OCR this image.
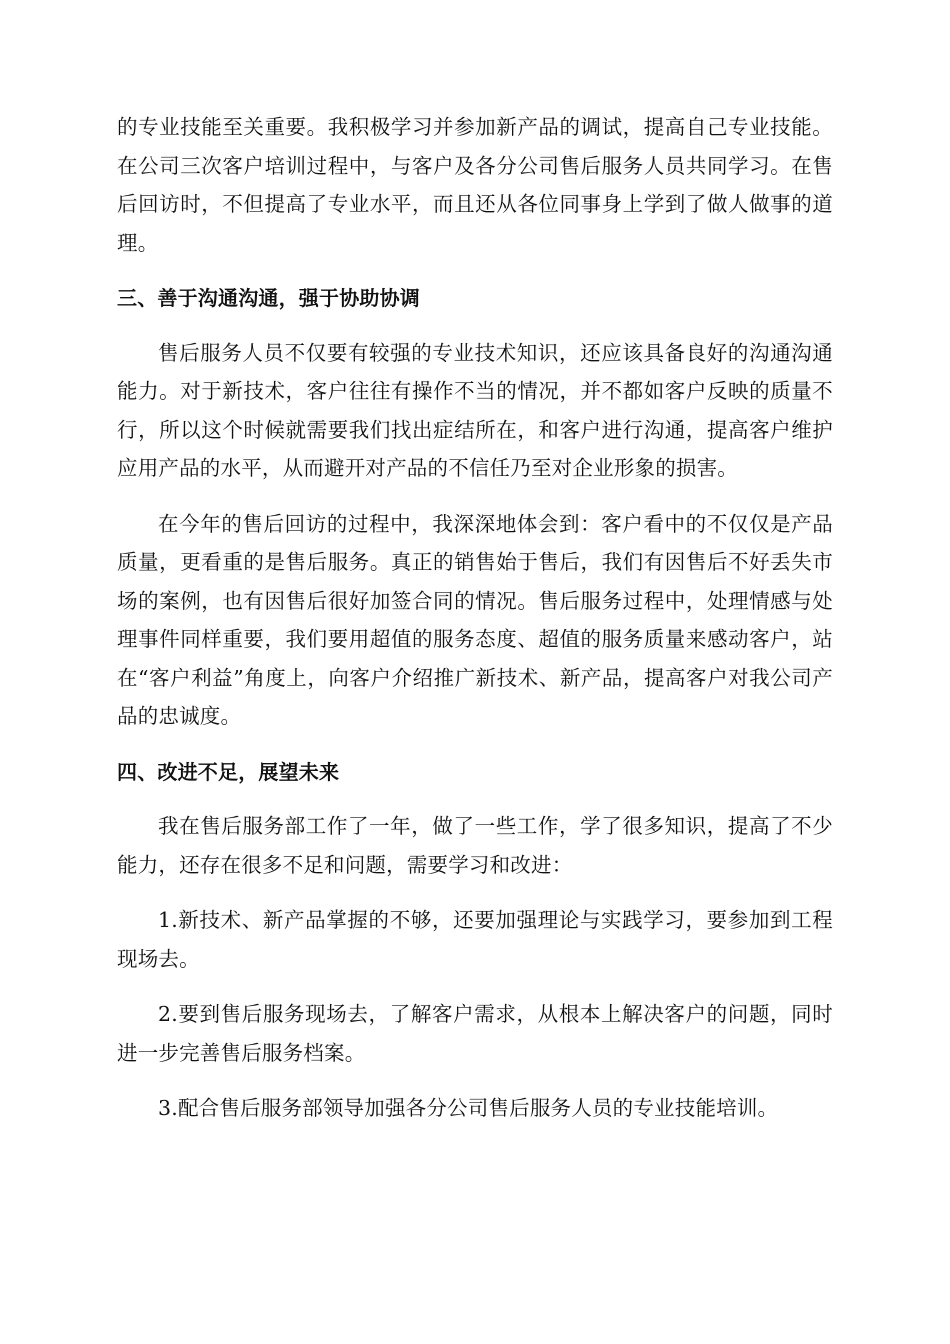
的专业技能至关重要。我积极学习并参加新产品的调试，提高自己专业技能。在公司三次客户培训过程中，与客户及各分公司售后服务人员共同学习。在售后回访时，不但提高了专业水平，而且还从各位同事身上学到了做人做事的道理。

三、善于沟通沟通，强于协助协调

售后服务人员不仅要有较强的专业技术知识，还应该具备良好的沟通沟通能力。对于新技术，客户往往有操作不当的情况，并不都如客户反映的质量不行，所以这个时候就需要我们找出症结所在，和客户进行沟通，提高客户维护应用产品的水平，从而避开对产品的不信任乃至对企业形象的损害。

在今年的售后回访的过程中，我深深地体会到：客户看中的不仅仅是产品质量，更看重的是售后服务。真正的销售始于售后，我们有因售后不好丢失市场的案例，也有因售后很好加签合同的情况。售后服务过程中，处理情感与处理事件同样重要，我们要用超值的服务态度、超值的服务质量来感动客户，站在“客户利益”角度上，向客户介绍推广新技术、新产品，提高客户对我公司产品的忠诚度。

四、改进不足，展望未来

我在售后服务部工作了一年，做了一些工作，学了很多知识，提高了不少能力，还存在很多不足和问题，需要学习和改进：

1.新技术、新产品掌握的不够，还要加强理论与实践学习，要参加到工程现场去。

2.要到售后服务现场去，了解客户需求，从根本上解决客户的问题，同时进一步完善售后服务档案。

3.配合售后服务部领导加强各分公司售后服务人员的专业技能培训。
